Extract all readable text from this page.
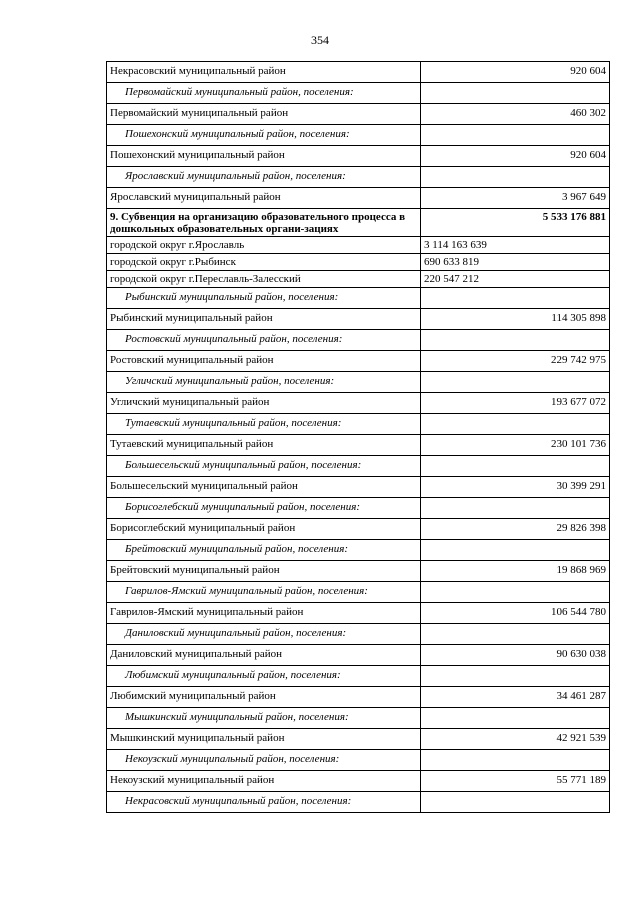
354
Некрасовский муниципальный район	920 604
Первомайский муниципальный район, поселения:	
Первомайский муниципальный район	460 302
Пошехонский муниципальный район, поселения:	
Пошехонский муниципальный район	920 604
Ярославский муниципальный район, поселения:	
Ярославский муниципальный район	3 967 649
9. Субвенция на организацию образовательного процесса в дошкольных образовательных органи-зациях	5 533 176 881
городской округ г.Ярославль	3 114 163 639
городской округ г.Рыбинск	690 633 819
городской округ г.Переславль-Залесский	220 547 212
Рыбинский муниципальный район, поселения:	
Рыбинский муниципальный район	114 305 898
Ростовский муниципальный район, поселения:	
Ростовский муниципальный район	229 742 975
Угличский муниципальный район, поселения:	
Угличский муниципальный район	193 677 072
Тутаевский муниципальный район, поселения:	
Тутаевский муниципальный район	230 101 736
Большесельский муниципальный район, поселения:	
Большесельский муниципальный район	30 399 291
Борисоглебский муниципальный район, поселения:	
Борисоглебский муниципальный район	29 826 398
Брейтовский муниципальный район, поселения:	
Брейтовский муниципальный район	19 868 969
Гаврилов-Ямский муниципальный район, поселения:	
Гаврилов-Ямский муниципальный район	106 544 780
Даниловский муниципальный район, поселения:	
Даниловский муниципальный район	90 630 038
Любимский муниципальный район, поселения:	
Любимский муниципальный район	34 461 287
Мышкинский муниципальный район, поселения:	
Мышкинский муниципальный район	42 921 539
Некоузский муниципальный район, поселения:	
Некоузский муниципальный район	55 771 189
Некрасовский муниципальный район, поселения:	
